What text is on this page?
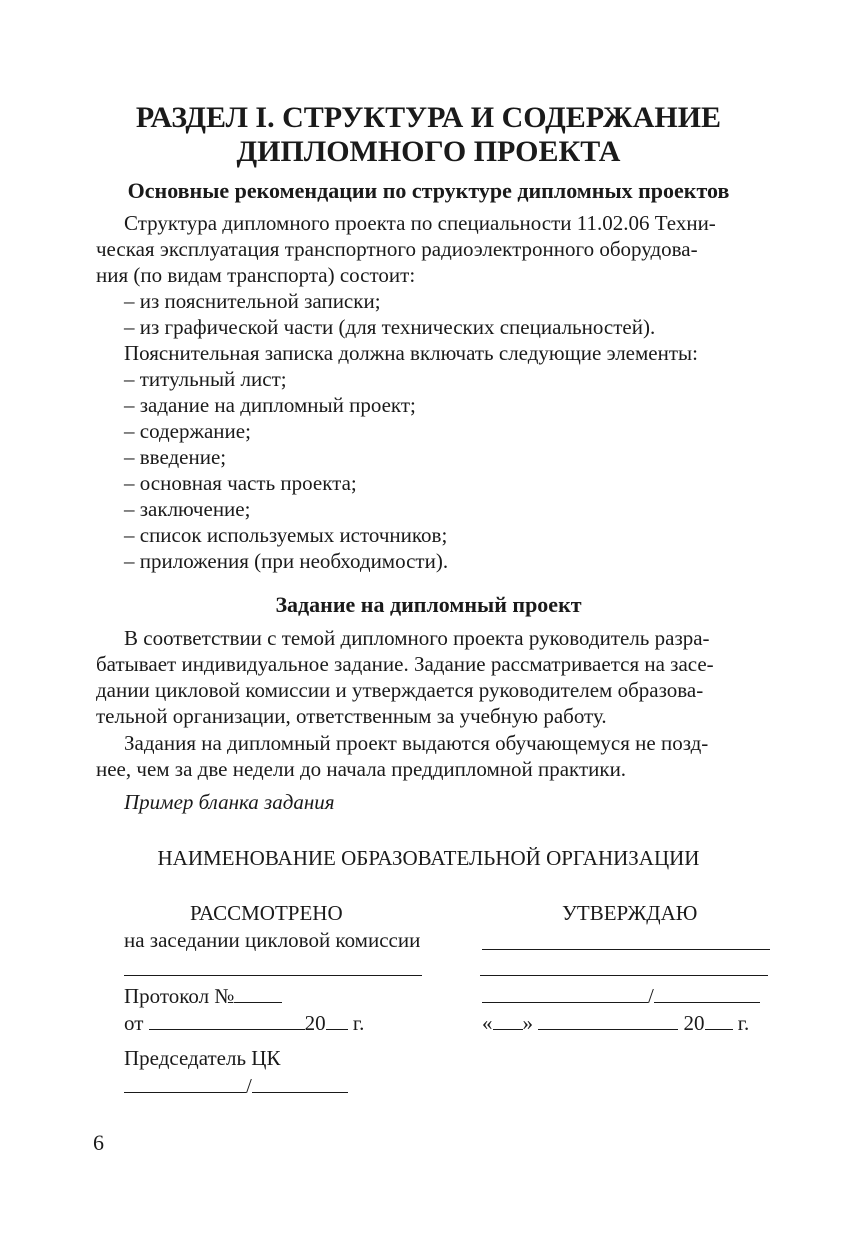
РАЗДЕЛ I. СТРУКТУРА И СОДЕРЖАНИЕ
ДИПЛОМНОГО ПРОЕКТА
Основные рекомендации по структуре дипломных проектов
Структура дипломного проекта по специальности 11.02.06 Техни-
ческая эксплуатация транспортного радиоэлектронного оборудова-
ния (по видам транспорта) состоит:
– из пояснительной записки;
– из графической части (для технических специальностей).
Пояснительная записка должна включать следующие элементы:
– титульный лист;
– задание на дипломный проект;
– содержание;
– введение;
– основная часть проекта;
– заключение;
– список используемых источников;
– приложения (при необходимости).
Задание на дипломный проект
В соответствии с темой дипломного проекта руководитель разра-
батывает индивидуальное задание. Задание рассматривается на засе-
дании цикловой комиссии и утверждается руководителем образова-
тельной организации, ответственным за учебную работу.
Задания на дипломный проект выдаются обучающемуся не позд-
нее, чем за две недели до начала преддипломной практики.
Пример бланка задания
НАИМЕНОВАНИЕ ОБРАЗОВАТЕЛЬНОЙ ОРГАНИЗАЦИИ
РАССМОТРЕНО
на заседании цикловой комиссии
Протокол №
от	20 г.
Председатель ЦК
/
УТВЕРЖДАЮ
/
« »	20 г.
6
